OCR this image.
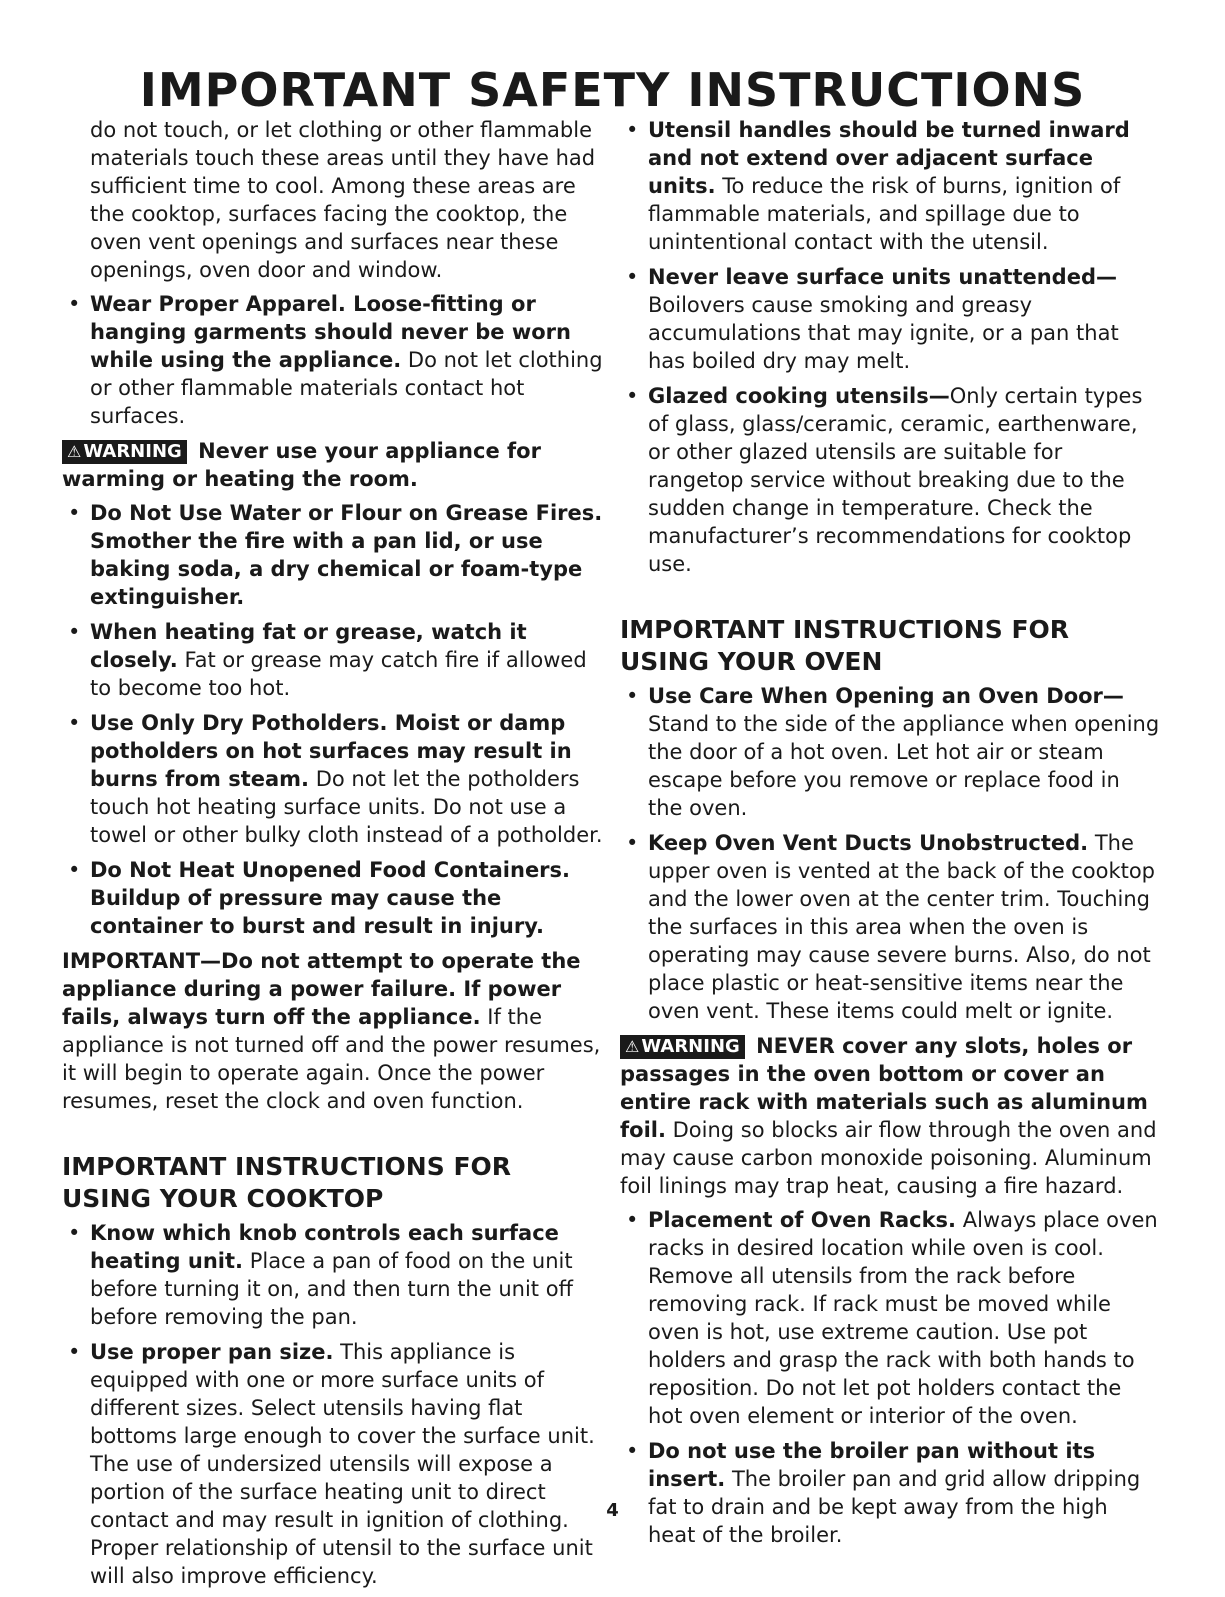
IMPORTANT SAFETY INSTRUCTIONS

do not touch, or let clothing or other flammable materials touch these areas until they have had sufficient time to cool. Among these areas are the cooktop, surfaces facing the cooktop, the oven vent openings and surfaces near these openings, oven door and window.

• Wear Proper Apparel. Loose-fitting or hanging garments should never be worn while using the appliance. Do not let clothing or other flammable materials contact hot surfaces.

⚠ WARNING Never use your appliance for warming or heating the room.

• Do Not Use Water or Flour on Grease Fires. Smother the fire with a pan lid, or use baking soda, a dry chemical or foam-type extinguisher.
• When heating fat or grease, watch it closely. Fat or grease may catch fire if allowed to become too hot.
• Use Only Dry Potholders. Moist or damp potholders on hot surfaces may result in burns from steam. Do not let the potholders touch hot heating surface units. Do not use a towel or other bulky cloth instead of a potholder.
• Do Not Heat Unopened Food Containers. Buildup of pressure may cause the container to burst and result in injury.

IMPORTANT—Do not attempt to operate the appliance during a power failure. If power fails, always turn off the appliance. If the appliance is not turned off and the power resumes, it will begin to operate again. Once the power resumes, reset the clock and oven function.

IMPORTANT INSTRUCTIONS FOR USING YOUR COOKTOP
• Know which knob controls each surface heating unit. Place a pan of food on the unit before turning it on, and then turn the unit off before removing the pan.
• Use proper pan size. This appliance is equipped with one or more surface units of different sizes. Select utensils having flat bottoms large enough to cover the surface unit. The use of undersized utensils will expose a portion of the surface heating unit to direct contact and may result in ignition of clothing. Proper relationship of utensil to the surface unit will also improve efficiency.
• Utensil handles should be turned inward and not extend over adjacent surface units. To reduce the risk of burns, ignition of flammable materials, and spillage due to unintentional contact with the utensil.
• Never leave surface units unattended—Boilovers cause smoking and greasy accumulations that may ignite, or a pan that has boiled dry may melt.
• Glazed cooking utensils—Only certain types of glass, glass/ceramic, ceramic, earthenware, or other glazed utensils are suitable for rangetop service without breaking due to the sudden change in temperature. Check the manufacturer’s recommendations for cooktop use.
IMPORTANT INSTRUCTIONS FOR USING YOUR OVEN
• Use Care When Opening an Oven Door—Stand to the side of the appliance when opening the door of a hot oven. Let hot air or steam escape before you remove or replace food in the oven.
• Keep Oven Vent Ducts Unobstructed. The upper oven is vented at the back of the cooktop and the lower oven at the center trim. Touching the surfaces in this area when the oven is operating may cause severe burns. Also, do not place plastic or heat-sensitive items near the oven vent. These items could melt or ignite.

⚠ WARNING NEVER cover any slots, holes or passages in the oven bottom or cover an entire rack with materials such as aluminum foil. Doing so blocks air flow through the oven and may cause carbon monoxide poisoning. Aluminum foil linings may trap heat, causing a fire hazard.

• Placement of Oven Racks. Always place oven racks in desired location while oven is cool. Remove all utensils from the rack before removing rack. If rack must be moved while oven is hot, use extreme caution. Use pot holders and grasp the rack with both hands to reposition. Do not let pot holders contact the hot oven element or interior of the oven.
• Do not use the broiler pan without its insert. The broiler pan and grid allow dripping fat to drain and be kept away from the high heat of the broiler.
4
